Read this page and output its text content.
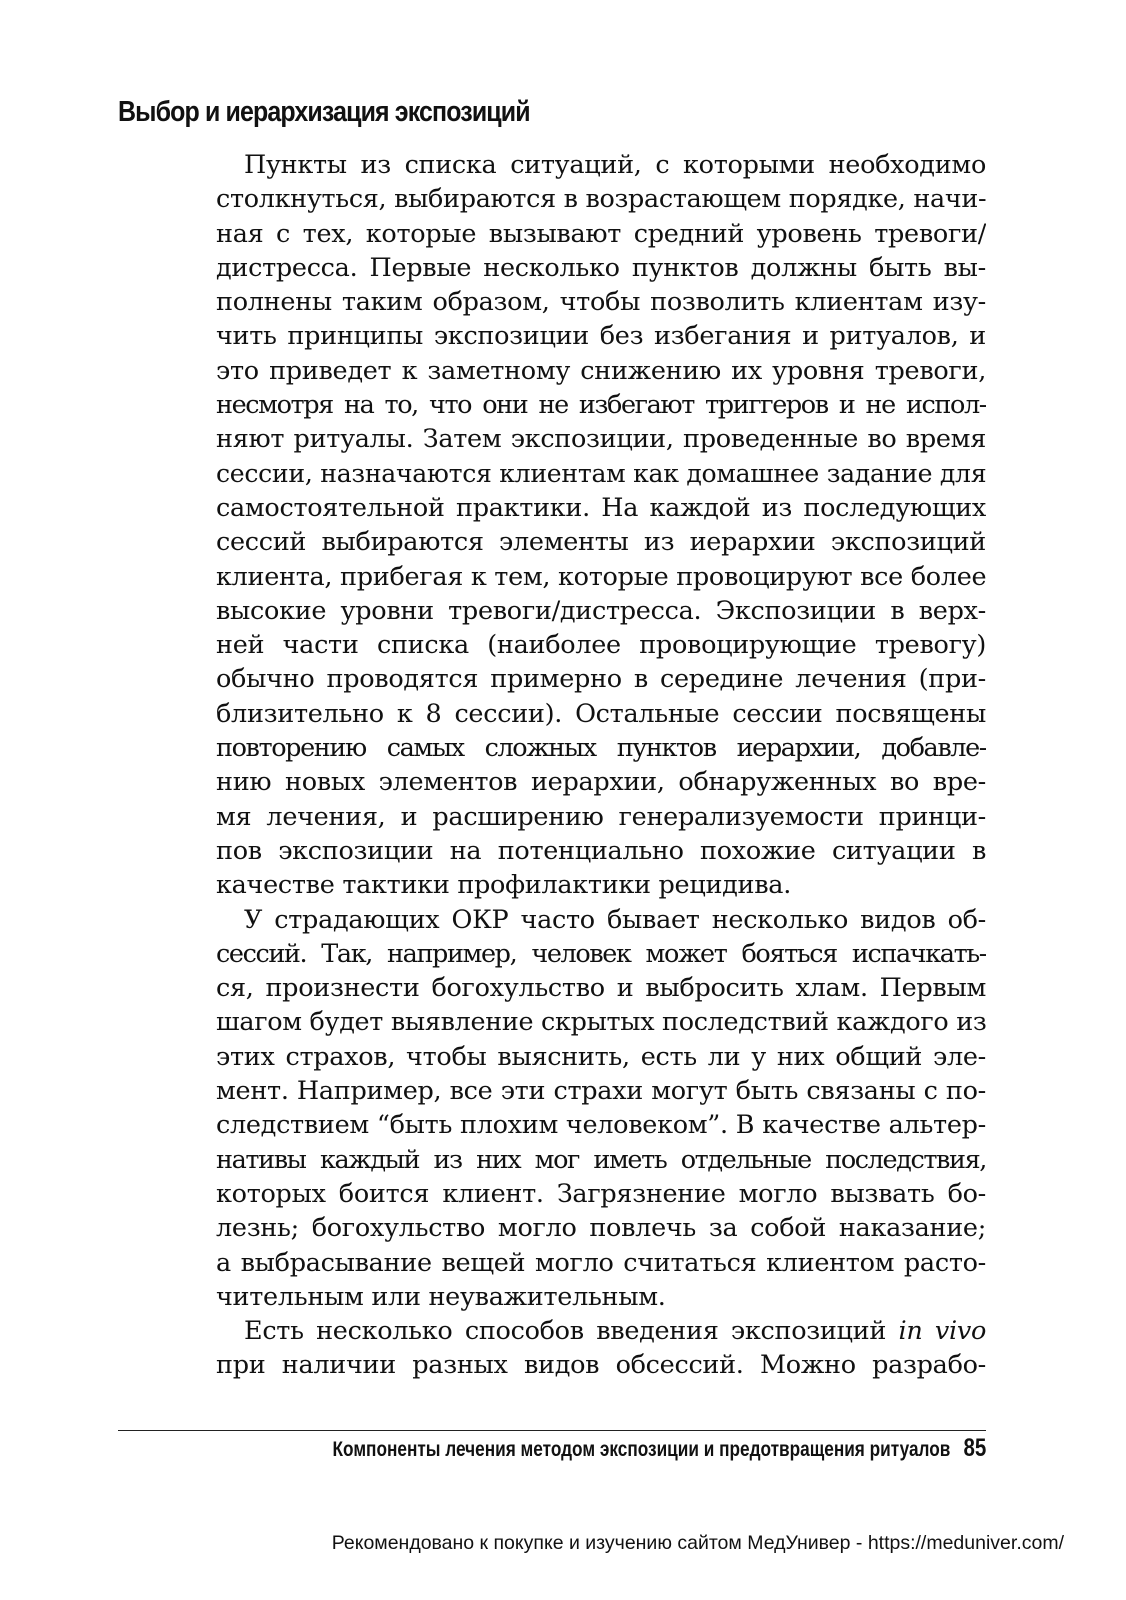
Выбор и иерархизация экспозиций
Пункты из списка ситуаций, с которыми необходимо
столкнуться, выбираются в возрастающем порядке, начи-
ная с тех, которые вызывают средний уровень тревоги/
дистресса. Первые несколько пунктов должны быть вы-
полнены таким образом, чтобы позволить клиентам изу-
чить принципы экспозиции без избегания и ритуалов, и
это приведет к заметному снижению их уровня тревоги,
несмотря на то, что они не избегают триггеров и не испол-
няют ритуалы. Затем экспозиции, проведенные во время
сессии, назначаются клиентам как домашнее задание для
самостоятельной практики. На каждой из последующих
сессий выбираются элементы из иерархии экспозиций
клиента, прибегая к тем, которые провоцируют все более
высокие уровни тревоги/дистресса. Экспозиции в верх-
ней части списка (наиболее провоцирующие тревогу)
обычно проводятся примерно в середине лечения (при-
близительно к 8 сессии). Остальные сессии посвящены
повторению самых сложных пунктов иерархии, добавле-
нию новых элементов иерархии, обнаруженных во вре-
мя лечения, и расширению генерализуемости принци-
пов экспозиции на потенциально похожие ситуации в
качестве тактики профилактики рецидива.
У страдающих ОКР часто бывает несколько видов об-
сессий. Так, например, человек может бояться испачкать-
ся, произнести богохульство и выбросить хлам. Первым
шагом будет выявление скрытых последствий каждого из
этих страхов, чтобы выяснить, есть ли у них общий эле-
мент. Например, все эти страхи могут быть связаны с по-
следствием “быть плохим человеком”. В качестве альтер-
нативы каждый из них мог иметь отдельные последствия,
которых боится клиент. Загрязнение могло вызвать бо-
лезнь; богохульство могло повлечь за собой наказание;
а выбрасывание вещей могло считаться клиентом расто-
чительным или неуважительным.
Есть несколько способов введения экспозиций in vivo
при наличии разных видов обсессий. Можно разрабо-
Компоненты лечения методом экспозиции и предотвращения ритуалов 85
Рекомендовано к покупке и изучению сайтом МедУнивер - https://meduniver.com/
